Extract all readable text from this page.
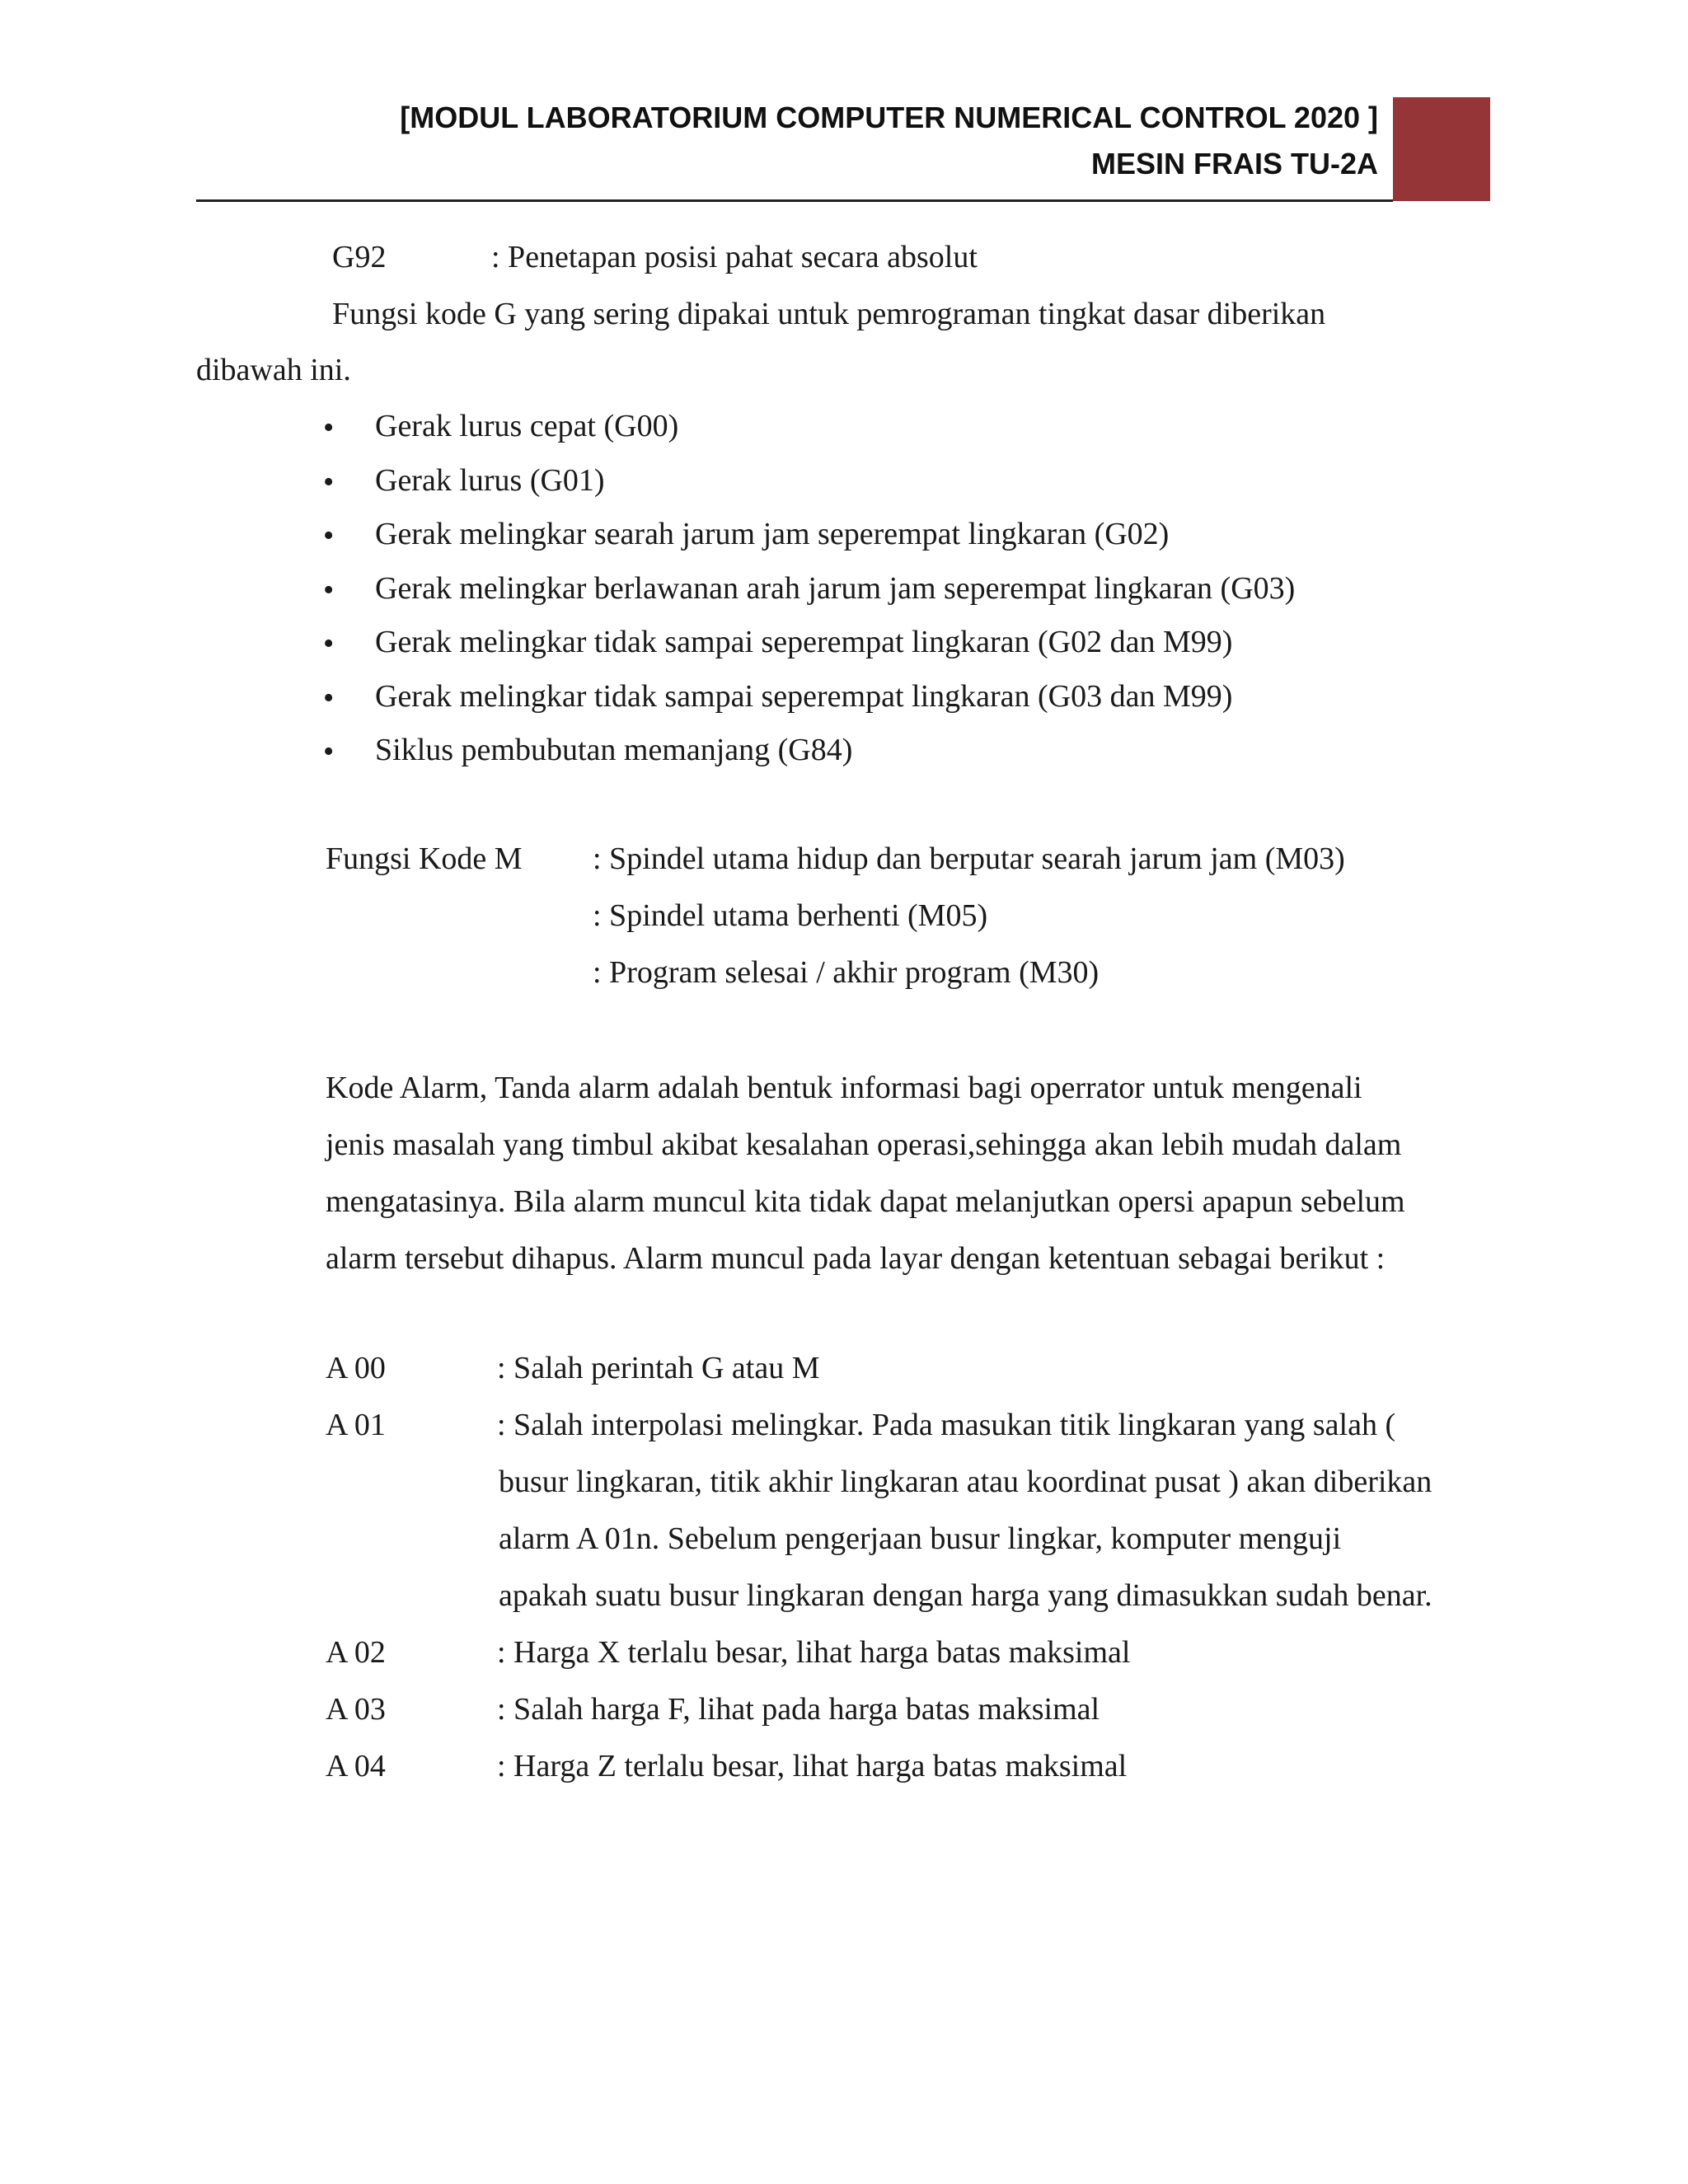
[MODUL LABORATORIUM COMPUTER NUMERICAL CONTROL 2020 ]
MESIN FRAIS TU-2A
G92	: Penetapan posisi pahat secara absolut
Fungsi kode G yang sering dipakai untuk pemrograman tingkat dasar diberikan
dibawah ini.
• Gerak lurus cepat (G00)
• Gerak lurus (G01)
• Gerak melingkar searah jarum jam seperempat lingkaran (G02)
• Gerak melingkar berlawanan arah jarum jam seperempat lingkaran (G03)
• Gerak melingkar tidak sampai seperempat lingkaran (G02 dan M99)
• Gerak melingkar tidak sampai seperempat lingkaran (G03 dan M99)
• Siklus pembubutan memanjang (G84)
Fungsi Kode M : Spindel utama hidup dan berputar searah jarum jam (M03)
: Spindel utama berhenti (M05)
: Program selesai / akhir program (M30)
Kode Alarm, Tanda alarm adalah bentuk informasi bagi operrator untuk mengenali
jenis masalah yang timbul akibat kesalahan operasi,sehingga akan lebih mudah dalam
mengatasinya. Bila alarm muncul kita tidak dapat melanjutkan opersi apapun sebelum
alarm tersebut dihapus. Alarm muncul pada layar dengan ketentuan sebagai berikut :
A 00	: Salah perintah G atau M
A 01	: Salah interpolasi melingkar. Pada masukan titik lingkaran yang salah (
busur lingkaran, titik akhir lingkaran atau koordinat pusat ) akan diberikan
alarm A 01n. Sebelum pengerjaan busur lingkar, komputer menguji
apakah suatu busur lingkaran dengan harga yang dimasukkan sudah benar.
A 02	: Harga X terlalu besar, lihat harga batas maksimal
A 03	: Salah harga F, lihat pada harga batas maksimal
A 04	: Harga Z terlalu besar, lihat harga batas maksimal
